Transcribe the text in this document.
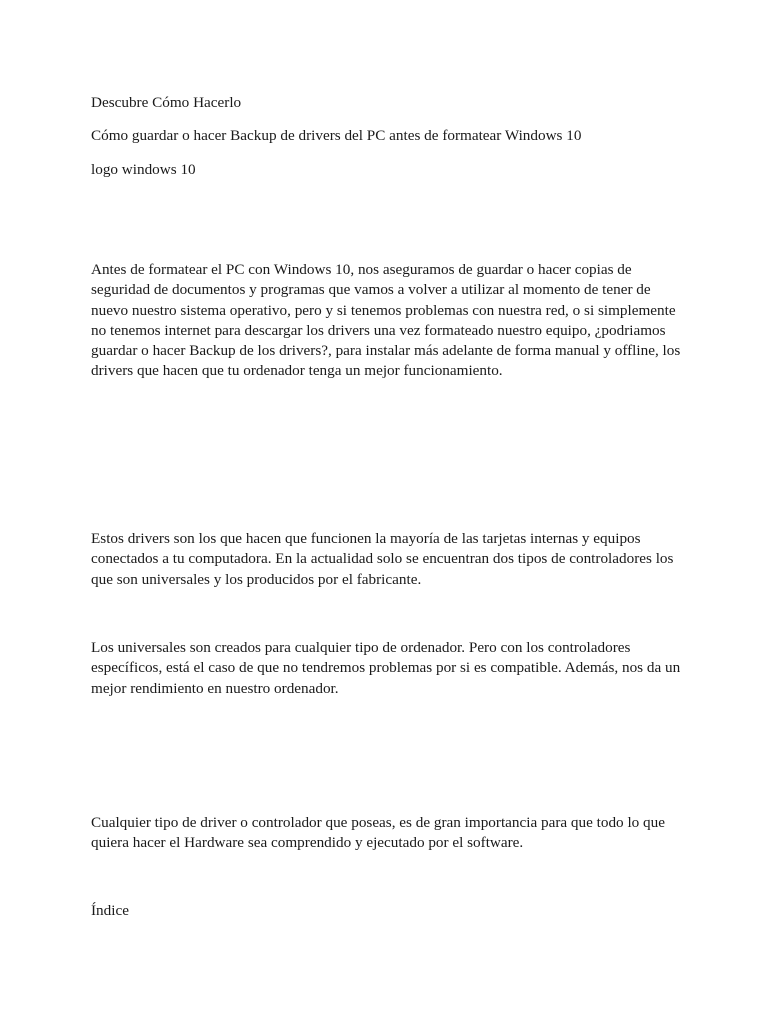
Descubre Cómo Hacerlo

Cómo guardar o hacer Backup de drivers del PC antes de formatear Windows 10

logo windows 10

Antes de formatear el PC con Windows 10, nos aseguramos de guardar o hacer copias de
seguridad de documentos y programas que vamos a volver a utilizar al momento de tener de
nuevo nuestro sistema operativo, pero y si tenemos problemas con nuestra red, o si simplemente
no tenemos internet para descargar los drivers una vez formateado nuestro equipo, ¿podriamos
guardar o hacer Backup de los drivers?, para instalar más adelante de forma manual y offline, los
drivers que hacen que tu ordenador tenga un mejor funcionamiento.
Estos drivers son los que hacen que funcionen la mayoría de las tarjetas internas y equipos
conectados a tu computadora. En la actualidad solo se encuentran dos tipos de controladores los
que son universales y los producidos por el fabricante.
Los universales son creados para cualquier tipo de ordenador. Pero con los controladores
específicos, está el caso de que no tendremos problemas por si es compatible. Además, nos da un
mejor rendimiento en nuestro ordenador.
Cualquier tipo de driver o controlador que poseas, es de gran importancia para que todo lo que
quiera hacer el Hardware sea comprendido y ejecutado por el software.

Índice
